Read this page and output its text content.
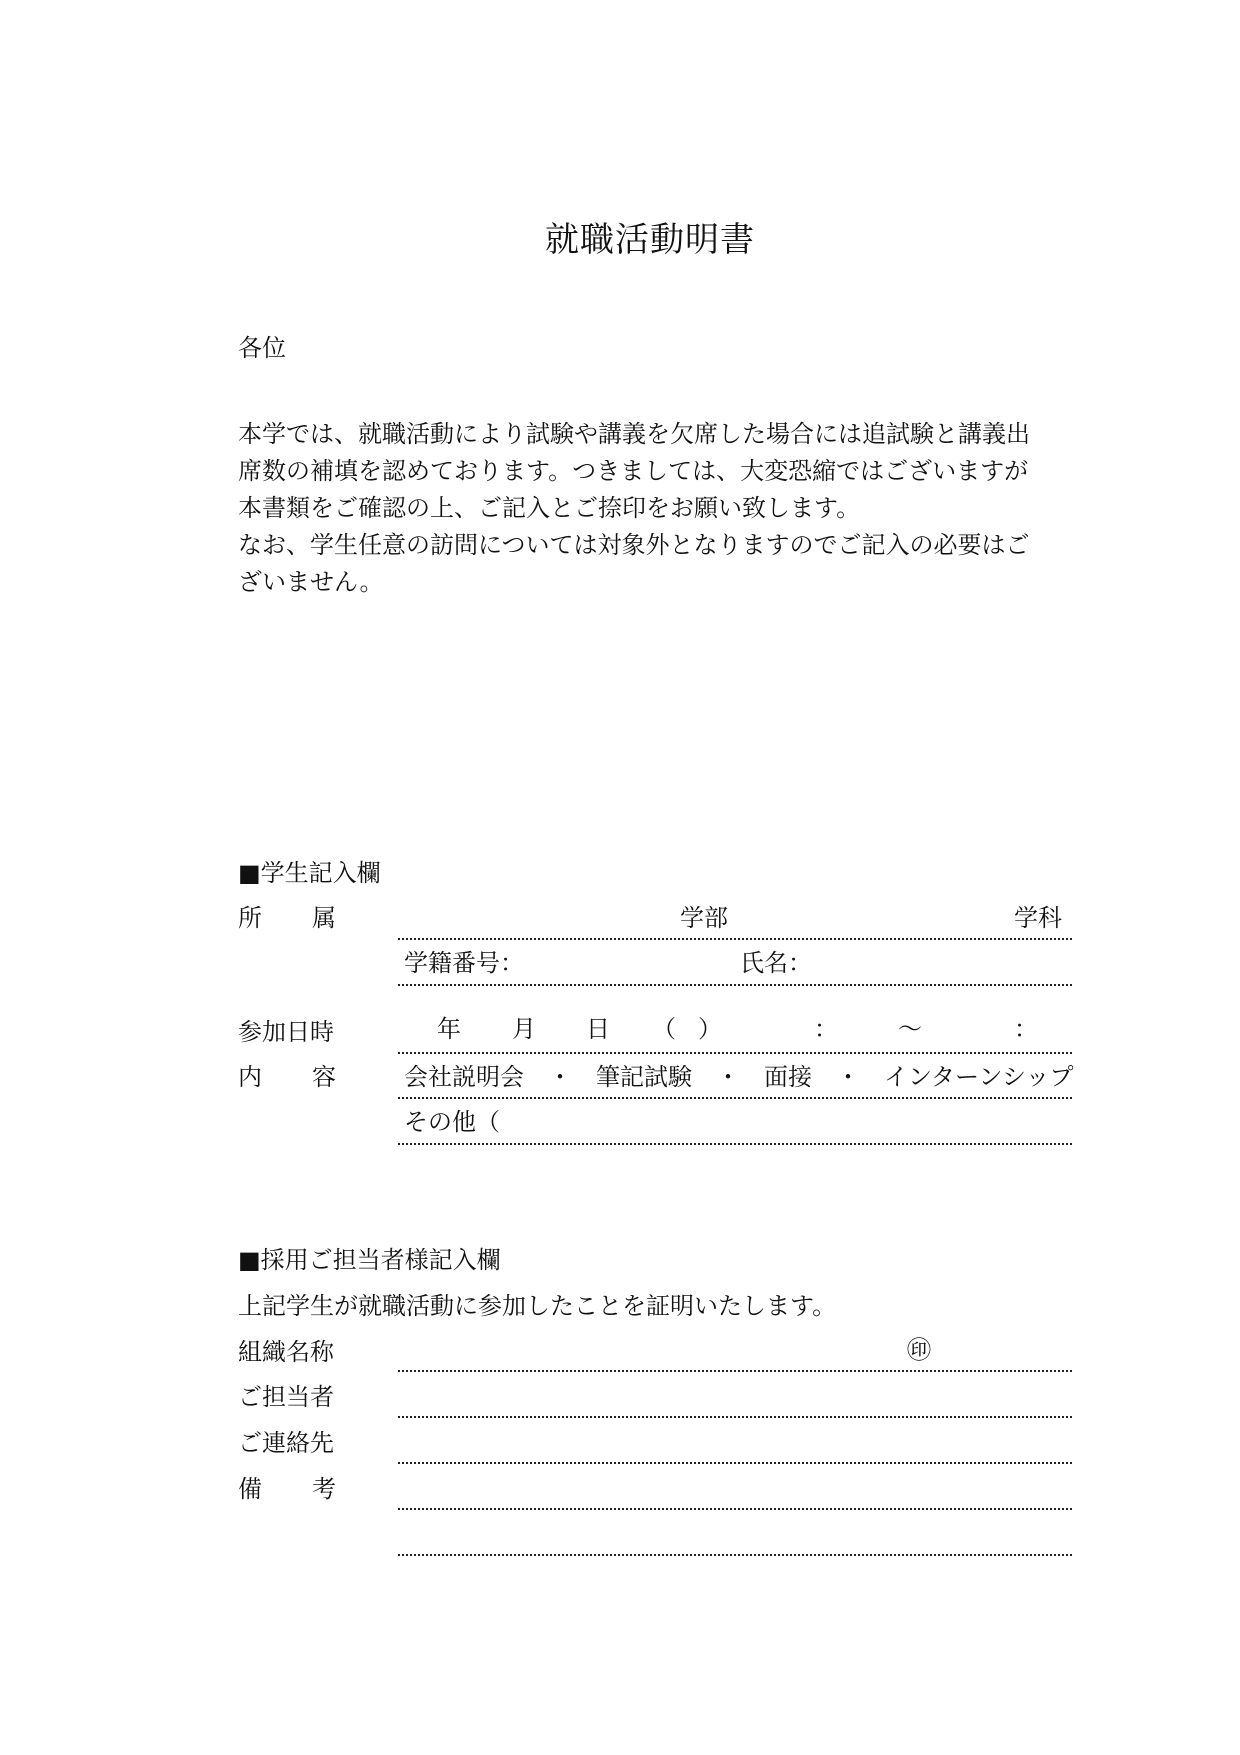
就職活動明書
各位
本学では、就職活動により試験や講義を欠席した場合には追試験と講義出
席数の補填を認めております。つきましては、大変恐縮ではございますが
本書類をご確認の上、ご記入とご捺印をお願い致します。
なお、学生任意の訪問については対象外となりますのでご記入の必要はご
ざいません。
■学生記入欄
所 属	学部	学科
学籍番号：	氏名：
参加日時	年 月 日 （ ）	：	〜	：
内 容	会社説明会　・　筆記試験　・　面接　・　インターンシップ
その他（
■採用ご担当者様記入欄
上記学生が就職活動に参加したことを証明いたします。
組織名称	㊞
ご担当者
ご連絡先
備 考
